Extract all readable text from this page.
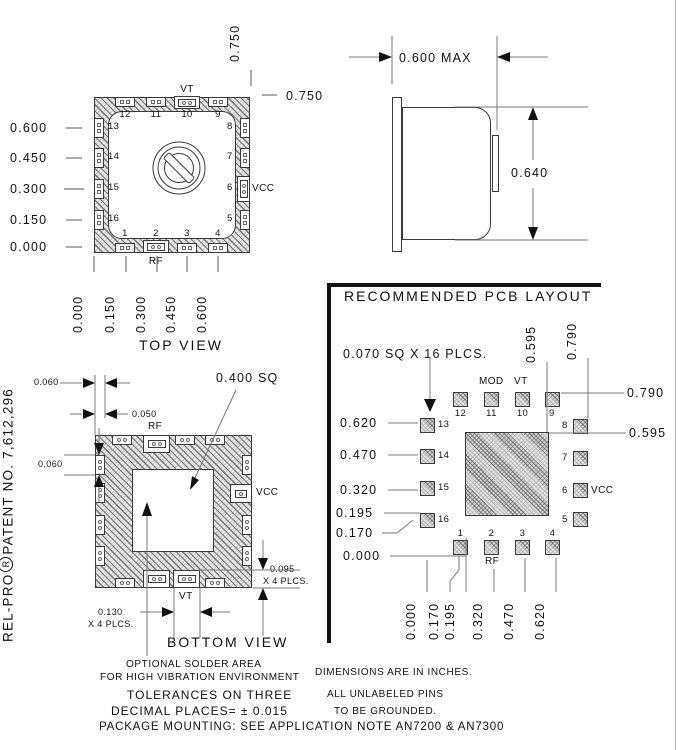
12 11 10	9
1	2	3	4
13
14
15
16
8
7
6
5
VT
RF
VCC
0.600
0.450
0.300
0.150
0.000
0.000 0.150 0.300 0.450 0.600
0.750
0.750
TOP VIEW
0.600 MAX
0.640
RF
VT
VCC
0.060
0.050
0.060
0.400 SQ
0.095
X 4 PLCS.
0.130
X 4 PLCS.
BOTTOM VIEW
RECOMMENDED PCB LAYOUT
0.070 SQ X 16 PLCS.
12 11 10 9
13
14
15
16
8
7
6
5
1	2	3	4
MOD VT
RF
VCC
0.620
0.470
0.320
0.195
0.170
0.000
0.595 0.790
0.790
0.595
0.000 0.170 0.195 0.320 0.470 0.620
OPTIONAL SOLDER AREA
FOR HIGH VIBRATION ENVIRONMENT
TOLERANCES ON THREE
DECIMAL PLACES= ± 0.015
DIMENSIONS ARE IN INCHES.
ALL UNLABELED PINS
TO BE GROUNDED.
PACKAGE MOUNTING: SEE APPLICATION NOTE AN7200 & AN7300
REL-PRORPATENT NO. 7,612,296
